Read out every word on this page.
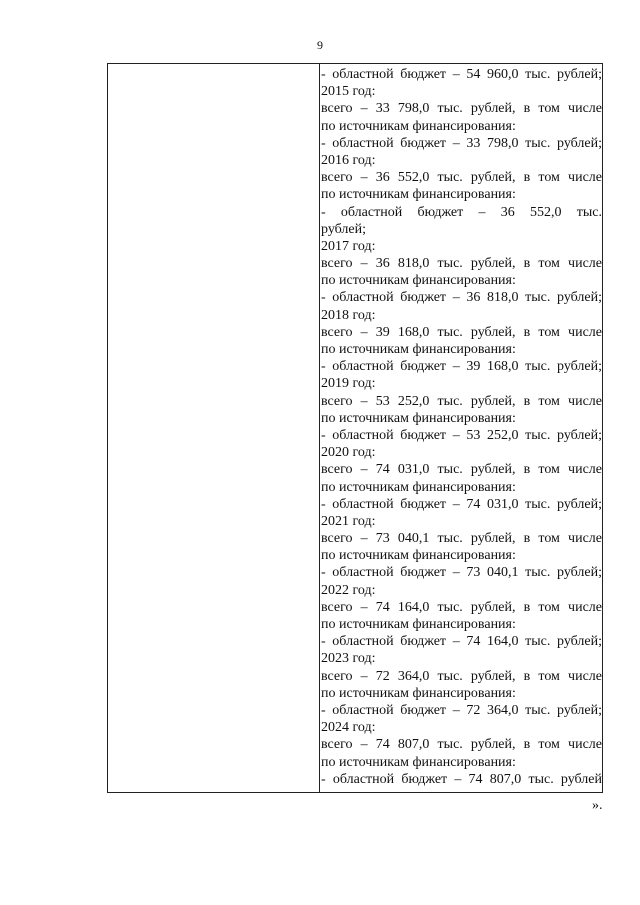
9
- областной бюджет – 54 960,0 тыс. рублей;
2015 год:
всего – 33 798,0 тыс. рублей, в том числе
по источникам финансирования:
- областной бюджет – 33 798,0 тыс. рублей;
2016 год:
всего – 36 552,0 тыс. рублей, в том числе
по источникам финансирования:
- областной бюджет – 36 552,0 тыс.
рублей;
2017 год:
всего – 36 818,0 тыс. рублей, в том числе
по источникам финансирования:
- областной бюджет – 36 818,0 тыс. рублей;
2018 год:
всего – 39 168,0 тыс. рублей, в том числе
по источникам финансирования:
- областной бюджет – 39 168,0 тыс. рублей;
2019 год:
всего – 53 252,0 тыс. рублей, в том числе
по источникам финансирования:
- областной бюджет – 53 252,0 тыс. рублей;
2020 год:
всего – 74 031,0 тыс. рублей, в том числе
по источникам финансирования:
- областной бюджет – 74 031,0 тыс. рублей;
2021 год:
всего – 73 040,1 тыс. рублей, в том числе
по источникам финансирования:
- областной бюджет – 73 040,1 тыс. рублей;
2022 год:
всего – 74 164,0 тыс. рублей, в том числе
по источникам финансирования:
- областной бюджет – 74 164,0 тыс. рублей;
2023 год:
всего – 72 364,0 тыс. рублей, в том числе
по источникам финансирования:
- областной бюджет – 72 364,0 тыс. рублей;
2024 год:
всего – 74 807,0 тыс. рублей, в том числе
по источникам финансирования:
- областной бюджет – 74 807,0 тыс. рублей
».
